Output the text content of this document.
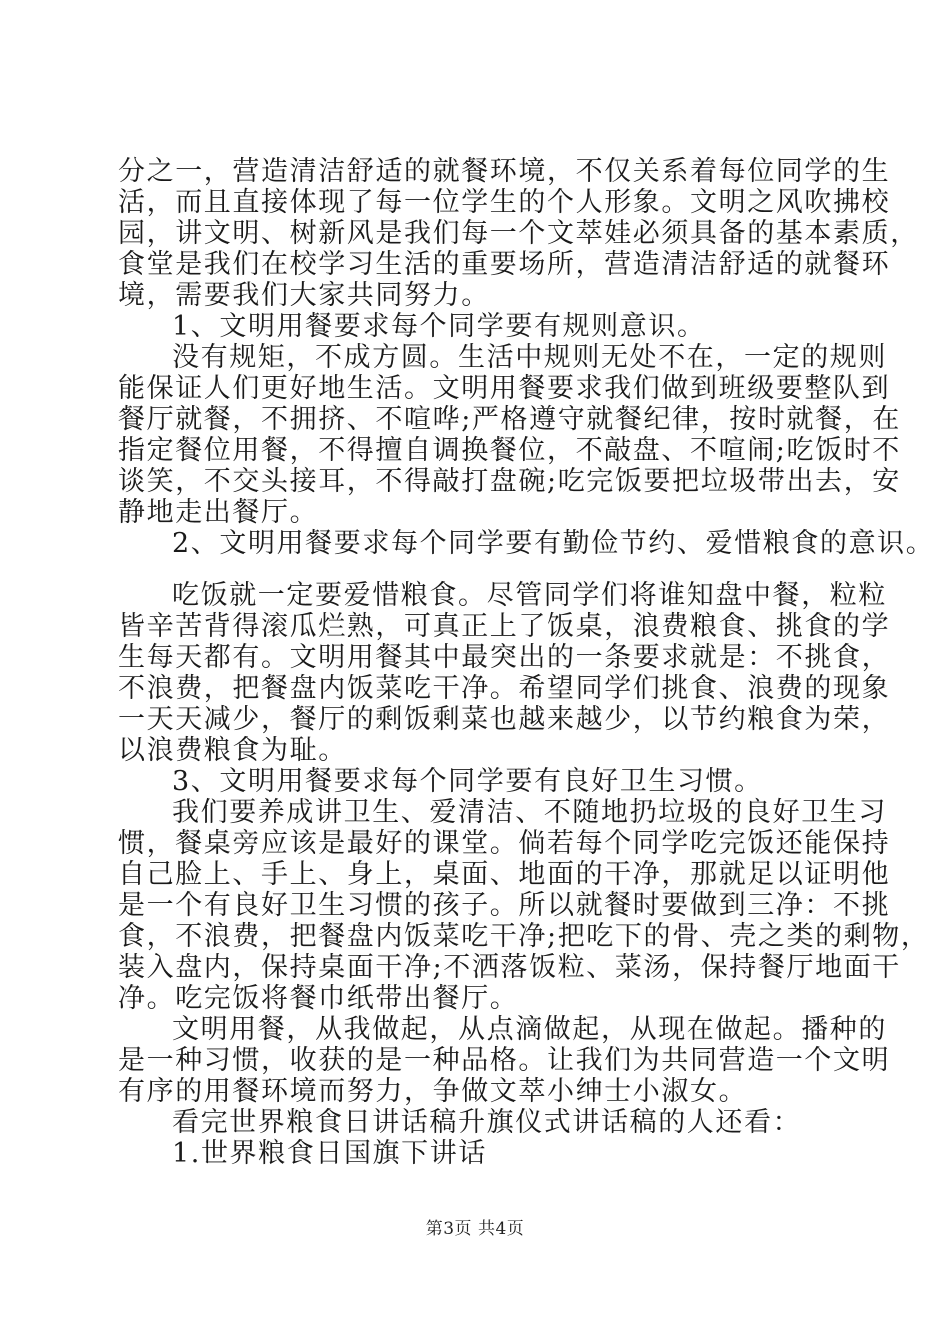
分之一，营造清洁舒适的就餐环境，不仅关系着每位同学的生
活，而且直接体现了每一位学生的个人形象。文明之风吹拂校
园，讲文明、树新风是我们每一个文萃娃必须具备的基本素质，
食堂是我们在校学习生活的重要场所，营造清洁舒适的就餐环
境，需要我们大家共同努力。
1、文明用餐要求每个同学要有规则意识。
没有规矩，不成方圆。生活中规则无处不在，一定的规则
能保证人们更好地生活。文明用餐要求我们做到班级要整队到
餐厅就餐，不拥挤、不喧哗;严格遵守就餐纪律，按时就餐，在
指定餐位用餐，不得擅自调换餐位，不敲盘、不喧闹;吃饭时不
谈笑，不交头接耳，不得敲打盘碗;吃完饭要把垃圾带出去，安
静地走出餐厅。
2、文明用餐要求每个同学要有勤俭节约、爱惜粮食的意识。
吃饭就一定要爱惜粮食。尽管同学们将谁知盘中餐，粒粒
皆辛苦背得滚瓜烂熟，可真正上了饭桌，浪费粮食、挑食的学
生每天都有。文明用餐其中最突出的一条要求就是：不挑食，
不浪费，把餐盘内饭菜吃干净。希望同学们挑食、浪费的现象
一天天减少，餐厅的剩饭剩菜也越来越少，以节约粮食为荣，
以浪费粮食为耻。
3、文明用餐要求每个同学要有良好卫生习惯。
我们要养成讲卫生、爱清洁、不随地扔垃圾的良好卫生习
惯，餐桌旁应该是最好的课堂。倘若每个同学吃完饭还能保持
自己脸上、手上、身上，桌面、地面的干净，那就足以证明他
是一个有良好卫生习惯的孩子。所以就餐时要做到三净：不挑
食，不浪费，把餐盘内饭菜吃干净;把吃下的骨、壳之类的剩物，
装入盘内，保持桌面干净;不洒落饭粒、菜汤，保持餐厅地面干
净。吃完饭将餐巾纸带出餐厅。
文明用餐，从我做起，从点滴做起，从现在做起。播种的
是一种习惯，收获的是一种品格。让我们为共同营造一个文明
有序的用餐环境而努力，争做文萃小绅士小淑女。
看完世界粮食日讲话稿升旗仪式讲话稿的人还看：
1.世界粮食日国旗下讲话
第3页 共4页
